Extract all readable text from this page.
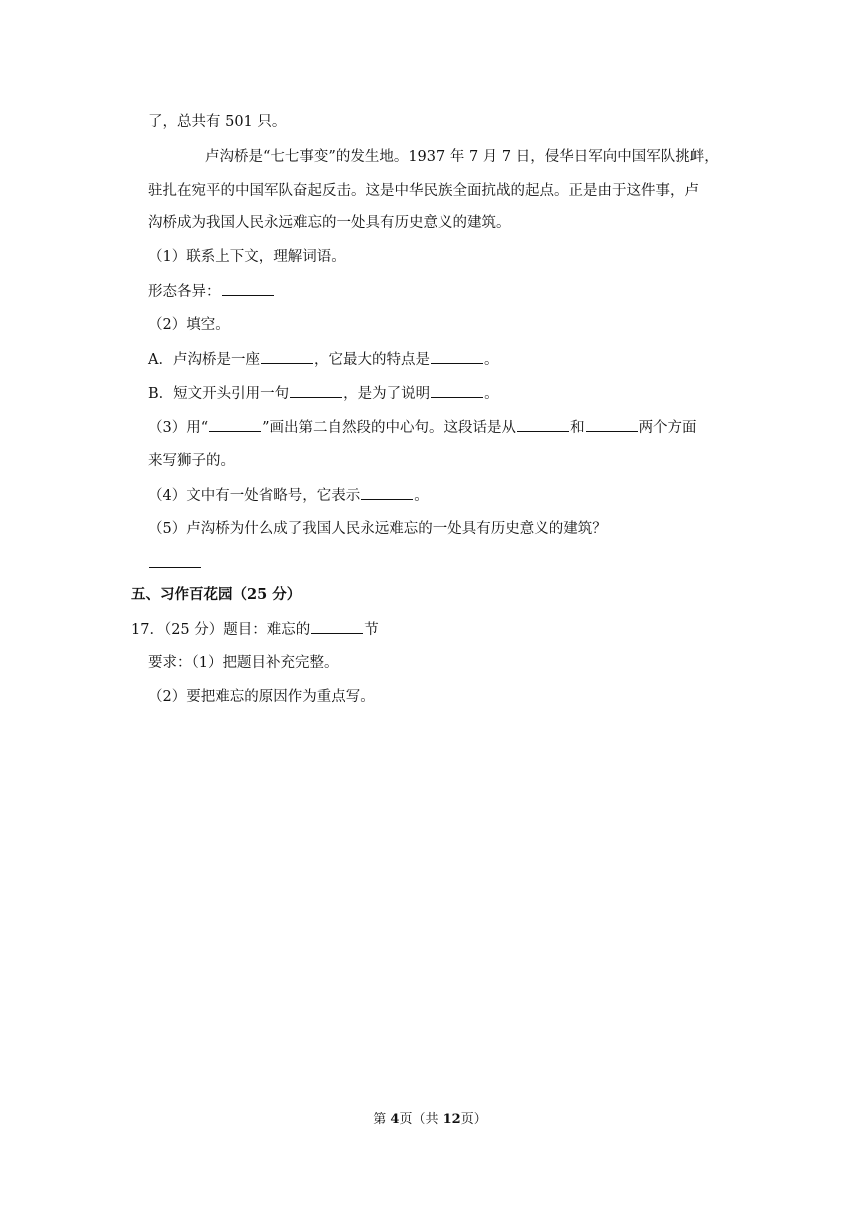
了，总共有 501 只。
卢沟桥是“七七事变”的发生地。1937 年 7 月 7 日，侵华日军向中国军队挑衅，
驻扎在宛平的中国军队奋起反击。这是中华民族全面抗战的起点。正是由于这件事，卢
沟桥成为我国人民永远难忘的一处具有历史意义的建筑。
（1）联系上下文，理解词语。
形态各异：
（2）填空。
A．卢沟桥是一座	，它最大的特点是	。
B．短文开头引用一句	，是为了说明	。
（3）用“	”画出第二自然段的中心句。这段话是从	和	两个方面
来写狮子的。
（4）文中有一处省略号，它表示	。
（5）卢沟桥为什么成了我国人民永远难忘的一处具有历史意义的建筑？
五、习作百花园（25 分）
17．（25 分）题目：难忘的	节
要求：（1）把题目补充完整。
（2）要把难忘的原因作为重点写。
第 4页（共 12页）
